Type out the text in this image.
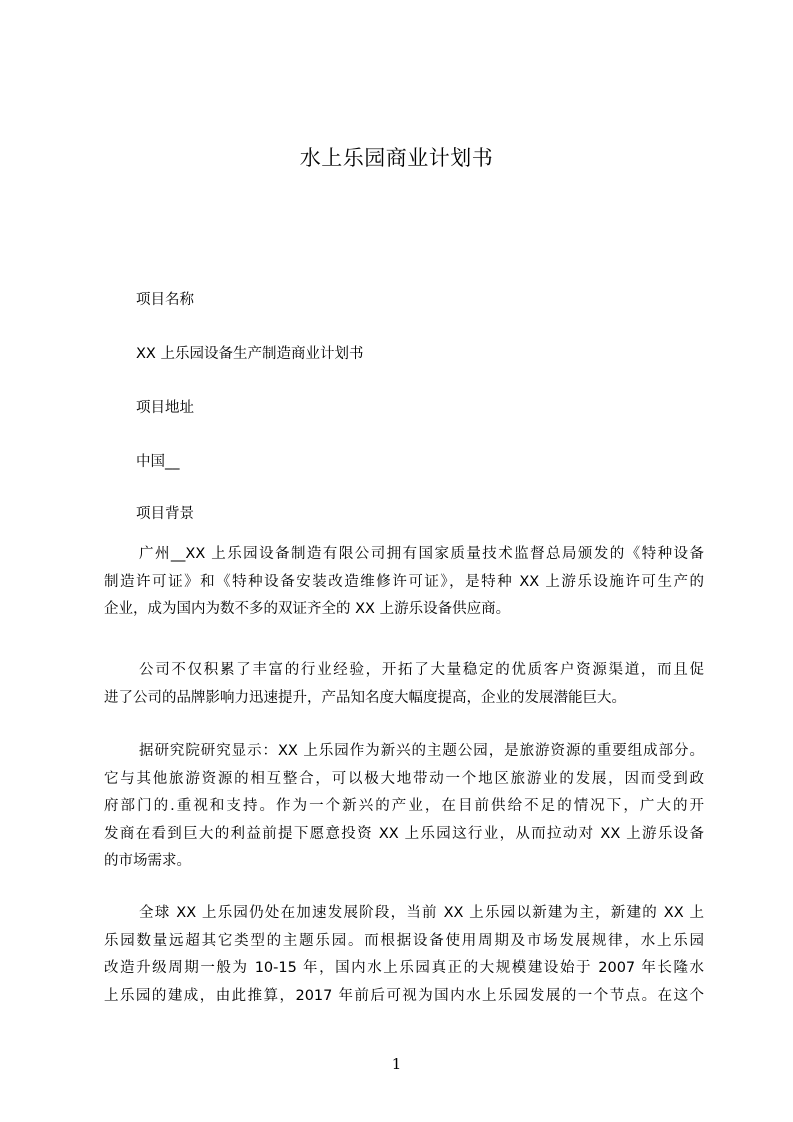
水上乐园商业计划书
项目名称
XX 上乐园设备生产制造商业计划书
项目地址
中国__
项目背景
广州__XX 上乐园设备制造有限公司拥有国家质量技术监督总局颁发的《特种设备
制造许可证》和《特种设备安装改造维修许可证》，是特种 XX 上游乐设施许可生产的
企业，成为国内为数不多的双证齐全的 XX 上游乐设备供应商。
公司不仅积累了丰富的行业经验，开拓了大量稳定的优质客户资源渠道，而且促
进了公司的品牌影响力迅速提升，产品知名度大幅度提高，企业的发展潜能巨大。
据研究院研究显示：XX 上乐园作为新兴的主题公园，是旅游资源的重要组成部分。
它与其他旅游资源的相互整合，可以极大地带动一个地区旅游业的发展，因而受到政
府部门的.重视和支持。作为一个新兴的产业，在目前供给不足的情况下，广大的开
发商在看到巨大的利益前提下愿意投资 XX 上乐园这行业，从而拉动对 XX 上游乐设备
的市场需求。
全球 XX 上乐园仍处在加速发展阶段，当前 XX 上乐园以新建为主，新建的 XX 上
乐园数量远超其它类型的主题乐园。而根据设备使用周期及市场发展规律，水上乐园
改造升级周期一般为 10-15 年，国内水上乐园真正的大规模建设始于 2007 年长隆水
上乐园的建成，由此推算，2017 年前后可视为国内水上乐园发展的一个节点。在这个
1
